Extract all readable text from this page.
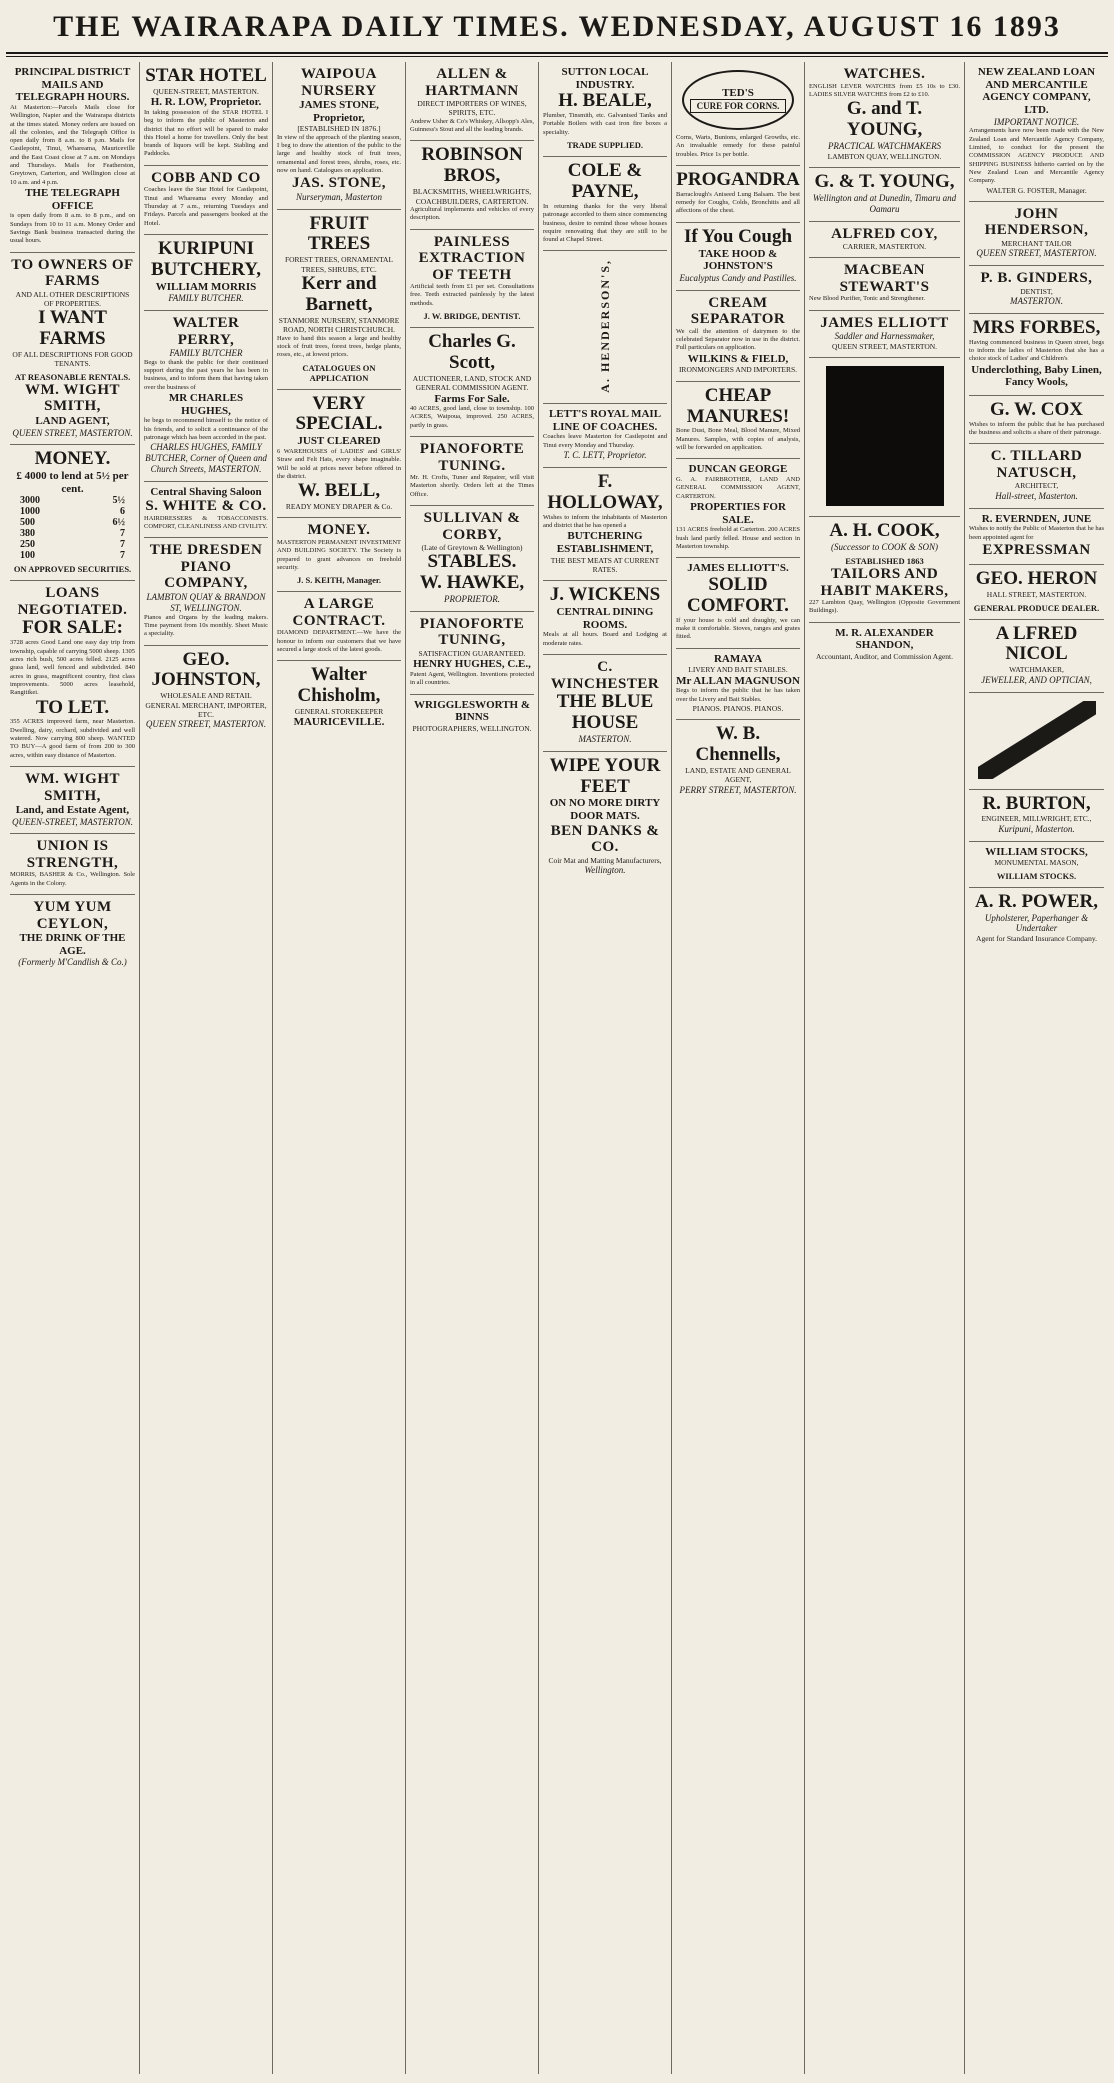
THE WAIRARAPA DAILY TIMES. WEDNESDAY, AUGUST 16 1893
PRINCIPAL DISTRICT MAILS AND TELEGRAPH HOURS.
At Masterton:—Parcels Mails close for Wellington, Napier and the Wairarapa districts at the times stated. Money orders are issued on all the colonies, and the Telegraph Office is open daily from 8 a.m. to 8 p.m. Mails for Castlepoint, Tinui, Whareama, Mauriceville and the East Coast close at 7 a.m. on Mondays and Thursdays. Mails for Featherston, Greytown, Carterton, and Wellington close at 10 a.m. and 4 p.m.
THE TELEGRAPH OFFICE
is open daily from 8 a.m. to 8 p.m., and on Sundays from 10 to 11 a.m. Money Order and Savings Bank business transacted during the usual hours.
TO OWNERS OF FARMS
AND ALL OTHER DESCRIPTIONS OF PROPERTIES.
I WANT FARMS
OF ALL DESCRIPTIONS FOR GOOD TENANTS.
AT REASONABLE RENTALS.
WM. WIGHT SMITH,
LAND AGENT,
QUEEN STREET, MASTERTON.
MONEY.
£ 4000 to lend at 5½ per cent.
3000	5½
1000	6
500	6½
380	7
250	7
100	7
ON APPROVED SECURITIES.
LOANS NEGOTIATED.
FOR SALE:
3728 acres Good Land one easy day trip from township, capable of carrying 5000 sheep. 1305 acres rich bush, 500 acres felled. 2125 acres grass land, well fenced and subdivided. 840 acres in grass, magnificent country, first class improvements. 5000 acres leasehold, Rangitikei.
TO LET.
355 ACRES improved farm, near Masterton. Dwelling, dairy, orchard, subdivided and well watered. Now carrying 800 sheep. WANTED TO BUY—A good farm of from 200 to 300 acres, within easy distance of Masterton.
WM. WIGHT SMITH,
Land, and Estate Agent,
QUEEN-STREET, MASTERTON.
UNION IS STRENGTH,
MORRIS, BASHER & Co., Wellington. Sole Agents in the Colony.
YUM YUM CEYLON,
THE DRINK OF THE AGE.
(Formerly M'Candlish & Co.)
STAR HOTEL
QUEEN-STREET, MASTERTON.
H. R. LOW, Proprietor.
In taking possession of the STAR HOTEL I beg to inform the public of Masterton and district that no effort will be spared to make this Hotel a home for travellers. Only the best brands of liquors will be kept. Stabling and Paddocks.
COBB AND CO
Coaches leave the Star Hotel for Castlepoint, Tinui and Whareama every Monday and Thursday at 7 a.m., returning Tuesdays and Fridays. Parcels and passengers booked at the Hotel.
KURIPUNI BUTCHERY,
WILLIAM MORRIS
FAMILY BUTCHER.
WALTER PERRY,
FAMILY BUTCHER
Begs to thank the public for their continued support during the past years he has been in business, and to inform them that having taken over the business of
MR CHARLES HUGHES,
he begs to recommend himself to the notice of his friends, and to solicit a continuance of the patronage which has been accorded in the past.
CHARLES HUGHES, FAMILY BUTCHER, Corner of Queen and Church Streets, MASTERTON.
Central Shaving Saloon
S. WHITE & CO.
HAIRDRESSERS & TOBACCONISTS. COMFORT, CLEANLINESS AND CIVILITY.
THE DRESDEN PIANO COMPANY,
LAMBTON QUAY & BRANDON ST, WELLINGTON.
Pianos and Organs by the leading makers. Time payment from 10s monthly. Sheet Music a speciality.
GEO. JOHNSTON,
WHOLESALE AND RETAIL GENERAL MERCHANT, IMPORTER, ETC.
QUEEN STREET, MASTERTON.
WAIPOUA NURSERY
JAMES STONE, Proprietor,
[ESTABLISHED IN 1876.]
In view of the approach of the planting season, I beg to draw the attention of the public to the large and healthy stock of fruit trees, ornamental and forest trees, shrubs, roses, etc. now on hand. Catalogues on application.
JAS. STONE,
Nurseryman, Masterton
FRUIT TREES
FOREST TREES, ORNAMENTAL TREES, SHRUBS, ETC.
Kerr and Barnett,
STANMORE NURSERY, STANMORE ROAD, NORTH CHRISTCHURCH.
Have to hand this season a large and healthy stock of fruit trees, forest trees, hedge plants, roses, etc., at lowest prices.
CATALOGUES ON APPLICATION
VERY SPECIAL.
JUST CLEARED
6 WAREHOUSES of LADIES' and GIRLS' Straw and Felt Hats, every shape imaginable. Will be sold at prices never before offered in the district.
W. BELL,
READY MONEY DRAPER & Co.
MONEY.
MASTERTON PERMANENT INVESTMENT AND BUILDING SOCIETY. The Society is prepared to grant advances on freehold security.
J. S. KEITH, Manager.
A LARGE CONTRACT.
DIAMOND DEPARTMENT.—We have the honour to inform our customers that we have secured a large stock of the latest goods.
Walter Chisholm,
GENERAL STOREKEEPER
MAURICEVILLE.
ALLEN & HARTMANN
DIRECT IMPORTERS OF WINES, SPIRITS, ETC.
Andrew Usher & Co's Whiskey, Allsopp's Ales, Guinness's Stout and all the leading brands.
ROBINSON BROS,
BLACKSMITHS, WHEELWRIGHTS, COACHBUILDERS, CARTERTON.
Agricultural implements and vehicles of every description.
PAINLESS EXTRACTION OF TEETH
Artificial teeth from £1 per set. Consultations free. Teeth extracted painlessly by the latest methods.
J. W. BRIDGE, DENTIST.
Charles G. Scott,
AUCTIONEER, LAND, STOCK AND GENERAL COMMISSION AGENT.
Farms For Sale.
40 ACRES, good land, close to township. 100 ACRES, Waipoua, improved. 250 ACRES, partly in grass.
PIANOFORTE TUNING.
Mr. H. Crofts, Tuner and Repairer, will visit Masterton shortly. Orders left at the Times Office.
SULLIVAN & CORBY,
(Late of Greytown & Wellington)
STABLES.
W. HAWKE,
PROPRIETOR.
PIANOFORTE TUNING,
SATISFACTION GUARANTEED.
HENRY HUGHES, C.E.,
Patent Agent, Wellington. Inventions protected in all countries.
WRIGGLESWORTH & BINNS
PHOTOGRAPHERS, WELLINGTON.
SUTTON LOCAL INDUSTRY.
H. BEALE,
Plumber, Tinsmith, etc. Galvanised Tanks and Portable Boilers with cast iron fire boxes a speciality.
TRADE SUPPLIED.
COLE & PAYNE,
In returning thanks for the very liberal patronage accorded to them since commencing business, desire to remind those whose houses require renovating that they are still to be found at Chapel Street.
A. HENDERSON'S,
LETT'S ROYAL MAIL LINE OF COACHES.
Coaches leave Masterton for Castlepoint and Tinui every Monday and Thursday.
T. C. LETT, Proprietor.
F. HOLLOWAY,
Wishes to inform the inhabitants of Masterton and district that he has opened a
BUTCHERING ESTABLISHMENT,
THE BEST MEATS AT CURRENT RATES.
J. WICKENS
CENTRAL DINING ROOMS.
Meals at all hours. Board and Lodging at moderate rates.
C. WINCHESTER
THE BLUE HOUSE
MASTERTON.
WIPE YOUR FEET
ON NO MORE DIRTY DOOR MATS.
BEN DANKS & CO.
Coir Mat and Matting Manufacturers,
Wellington.
TED'S
CURE FOR CORNS.
Corns, Warts, Bunions, enlarged Growths, etc. An invaluable remedy for these painful troubles. Price 1s per bottle.
PROGANDRA
Barraclough's Aniseed Lung Balsam. The best remedy for Coughs, Colds, Bronchitis and all affections of the chest.
If You Cough
TAKE HOOD & JOHNSTON'S
Eucalyptus Candy and Pastilles.
CREAM SEPARATOR
We call the attention of dairymen to the celebrated Separator now in use in the district. Full particulars on application.
WILKINS & FIELD,
IRONMONGERS AND IMPORTERS.
CHEAP MANURES!
Bone Dust, Bone Meal, Blood Manure, Mixed Manures. Samples, with copies of analysis, will be forwarded on application.
DUNCAN GEORGE
G. A. FAIRBROTHER, LAND AND GENERAL COMMISSION AGENT, CARTERTON.
PROPERTIES FOR SALE.
131 ACRES freehold at Carterton. 200 ACRES bush land partly felled. House and section in Masterton township.
JAMES ELLIOTT'S.
SOLID COMFORT.
If your house is cold and draughty, we can make it comfortable. Stoves, ranges and grates fitted.
RAMAYA
LIVERY AND BAIT STABLES.
Mr ALLAN MAGNUSON
Begs to inform the public that he has taken over the Livery and Bait Stables.
PIANOS. PIANOS. PIANOS.
W. B. Chennells,
LAND, ESTATE AND GENERAL AGENT,
PERRY STREET, MASTERTON.
WATCHES.
ENGLISH LEVER WATCHES from £5 10s to £30. LADIES SILVER WATCHES from £2 to £10.
G. and T. YOUNG,
PRACTICAL WATCHMAKERS
LAMBTON QUAY, WELLINGTON.
G. & T. YOUNG,
Wellington and at Dunedin, Timaru and Oamaru
ALFRED COY,
CARRIER, MASTERTON.
MACBEAN STEWART'S
New Blood Purifier, Tonic and Strengthener.
JAMES ELLIOTT
Saddler and Harnessmaker,
QUEEN STREET, MASTERTON.
A. H. COOK,
(Successor to COOK & SON)
ESTABLISHED 1863
TAILORS AND HABIT MAKERS,
227 Lambton Quay, Wellington (Opposite Government Buildings).
M. R. ALEXANDER SHANDON,
Accountant, Auditor, and Commission Agent.
NEW ZEALAND LOAN AND MERCANTILE AGENCY COMPANY, LTD.
IMPORTANT NOTICE.
Arrangements have now been made with the New Zealand Loan and Mercantile Agency Company, Limited, to conduct for the present the COMMISSION AGENCY PRODUCE AND SHIPPING BUSINESS hitherto carried on by the New Zealand Loan and Mercantile Agency Company.
WALTER G. FOSTER, Manager.
JOHN HENDERSON,
MERCHANT TAILOR
QUEEN STREET, MASTERTON.
P. B. GINDERS,
DENTIST,
MASTERTON.
MRS FORBES,
Having commenced business in Queen street, begs to inform the ladies of Masterton that she has a choice stock of Ladies' and Children's
Underclothing, Baby Linen, Fancy Wools,
G. W. COX
Wishes to inform the public that he has purchased the business and solicits a share of their patronage.
C. TILLARD NATUSCH,
ARCHITECT,
Hall-street, Masterton.
R. EVERNDEN, JUNE
Wishes to notify the Public of Masterton that he has been appointed agent for
EXPRESSMAN
GEO. HERON
HALL STREET, MASTERTON.
GENERAL PRODUCE DEALER.
A LFRED NICOL
WATCHMAKER,
JEWELLER, AND OPTICIAN,
R. BURTON,
ENGINEER, MILLWRIGHT, ETC.,
Kuripuni, Masterton.
WILLIAM STOCKS,
MONUMENTAL MASON,
WILLIAM STOCKS.
A. R. POWER,
Upholsterer, Paperhanger & Undertaker
Agent for Standard Insurance Company.
